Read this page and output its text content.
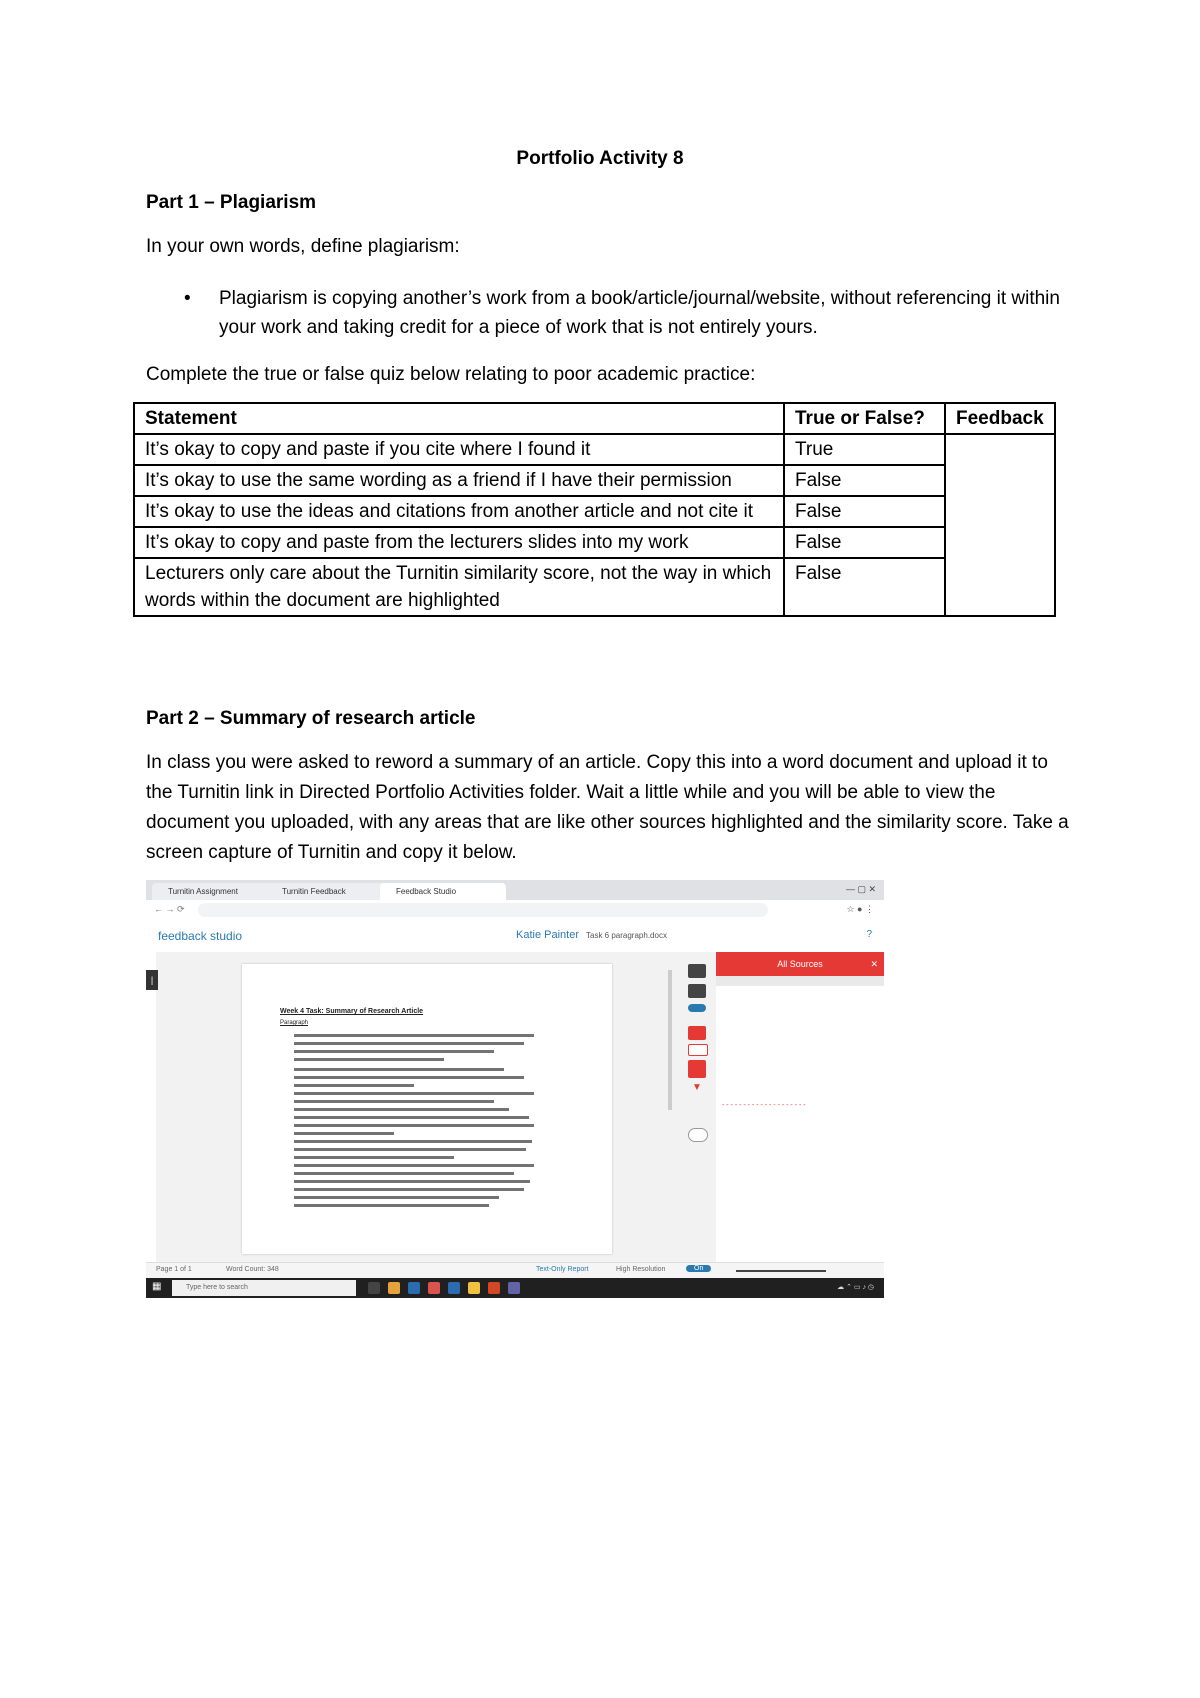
Portfolio Activity 8
Part 1 – Plagiarism
In your own words, define plagiarism:
• Plagiarism is copying another’s work from a book/article/journal/website, without referencing it within your work and taking credit for a piece of work that is not entirely yours.
Complete the true or false quiz below relating to poor academic practice:
Statement	True or False?	Feedback
It’s okay to copy and paste if you cite where I found it	True	
It’s okay to use the same wording as a friend if I have their permission	False	
It’s okay to use the ideas and citations from another article and not cite it	False	
It’s okay to copy and paste from the lecturers slides into my work	False	
Lecturers only care about the Turnitin similarity score, not the way in which words within the document are highlighted	False	
Part 2 – Summary of research article
In class you were asked to reword a summary of an article. Copy this into a word document and upload it to the Turnitin link in Directed Portfolio Activities folder. Wait a little while and you will be able to view the document you uploaded, with any areas that are like other sources highlighted and the similarity score. Take a screen capture of Turnitin and copy it below.
Turnitin Assignment	Turnitin Feedback	Feedback Studio	— ▢ ✕
← → ⟳	☆ ● ⋮
feedback studio	Katie Painter Task 6 paragraph.docx	?
|
Week 4 Task: Summary of Research Article
Paragraph
▼
All Sources	✕
- - - - - - - - - - - - - - - - - - - -
Page 1 of 1	Word Count: 348	Text-Only Report	High Resolution	On
▦	Type here to search	☁ ⌃ ▭ ♪ ◷
